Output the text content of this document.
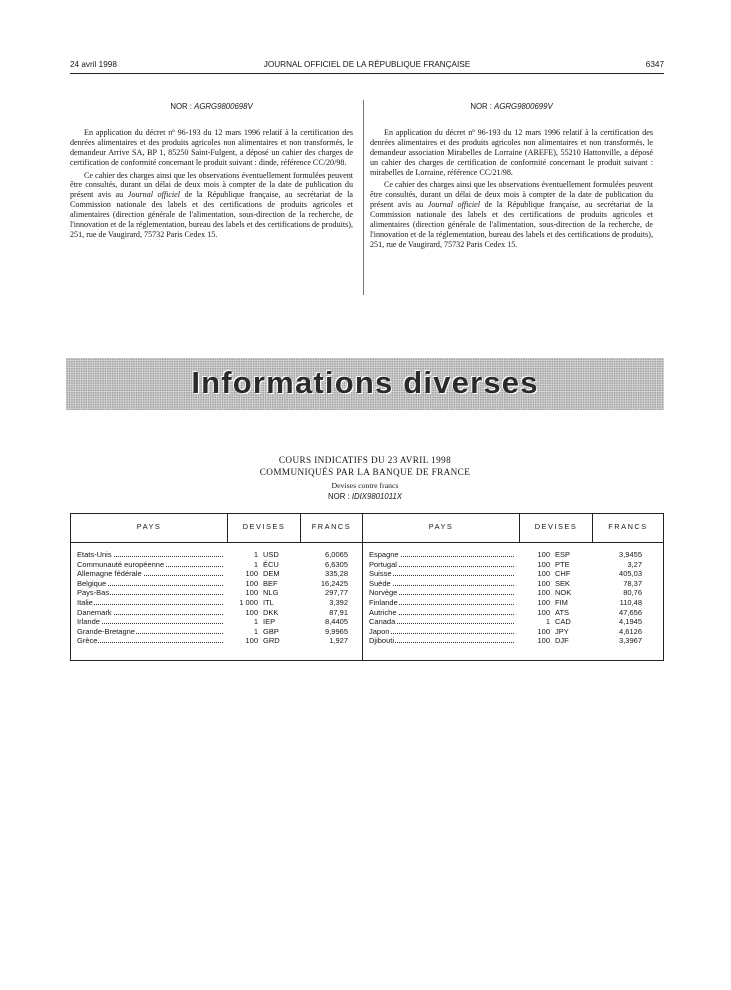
24 avril 1998	JOURNAL OFFICIEL DE LA RÉPUBLIQUE FRANÇAISE	6347
NOR : AGRG9800698V

En application du décret nº 96-193 du 12 mars 1996 relatif à la certification des denrées alimentaires et des produits agricoles non alimentaires et non transformés, le demandeur Arrive SA, BP 1, 85250 Saint-Fulgent, a déposé un cahier des charges de certification de conformité concernant le produit suivant : dinde, référence CC/20/98.

Ce cahier des charges ainsi que les observations éventuellement formulées peuvent être consultés, durant un délai de deux mois à compter de la date de publication du présent avis au Journal officiel de la République française, au secrétariat de la Commission nationale des labels et des certifications de produits agricoles et alimentaires (direction générale de l'alimentation, sous-direction de la recherche, de l'innovation et de la réglementation, bureau des labels et des certifications de produits), 251, rue de Vaugirard, 75732 Paris Cedex 15.

NOR : AGRG9800699V

En application du décret nº 96-193 du 12 mars 1996 relatif à la certification des denrées alimentaires et des produits agricoles non alimentaires et non transformés, le demandeur association Mirabelles de Lorraine (AREFE), 55210 Hattonville, a déposé un cahier des charges de certification de conformité concernant le produit suivant : mirabelles de Lorraine, référence CC/21/98.

Ce cahier des charges ainsi que les observations éventuellement formulées peuvent être consultés, durant un délai de deux mois à compter de la date de publication du présent avis au Journal officiel de la République française, au secrétariat de la Commission nationale des labels et des certifications de produits agricoles et alimentaires (direction générale de l'alimentation, sous-direction de la recherche, de l'innovation et de la réglementation, bureau des labels et des certifications de produits), 251, rue de Vaugirard, 75732 Paris Cedex 15.

Informations diverses
COURS INDICATIFS DU 23 AVRIL 1998
COMMUNIQUÉS PAR LA BANQUE DE FRANCE
Devises contre francs
NOR : IDIX9801011X
PAYS	DEVISES	FRANCS	PAYS	DEVISES	FRANCS
Etats-Unis	1 USD	6,0065
Communauté européenne	1 ÉCU	6,6305
Allemagne fédérale	100 DEM	335,28
Belgique	100 BEF	16,2425
Pays-Bas	100 NLG	297,77
Italie	1 000 ITL	3,392
Danemark	100 DKK	87,91
Irlande	1 IEP	8,4405
Grande-Bretagne	1 GBP	9,9965
Grèce	100 GRD	1,927
Espagne	100 ESP	3,9455
Portugal	100 PTE	3,27
Suisse	100 CHF	405,03
Suède	100 SEK	78,37
Norvège	100 NOK	80,76
Finlande	100 FIM	110,48
Autriche	100 ATS	47,656
Canada	1 CAD	4,1945
Japon	100 JPY	4,6126
Djibouti	100 DJF	3,3967
